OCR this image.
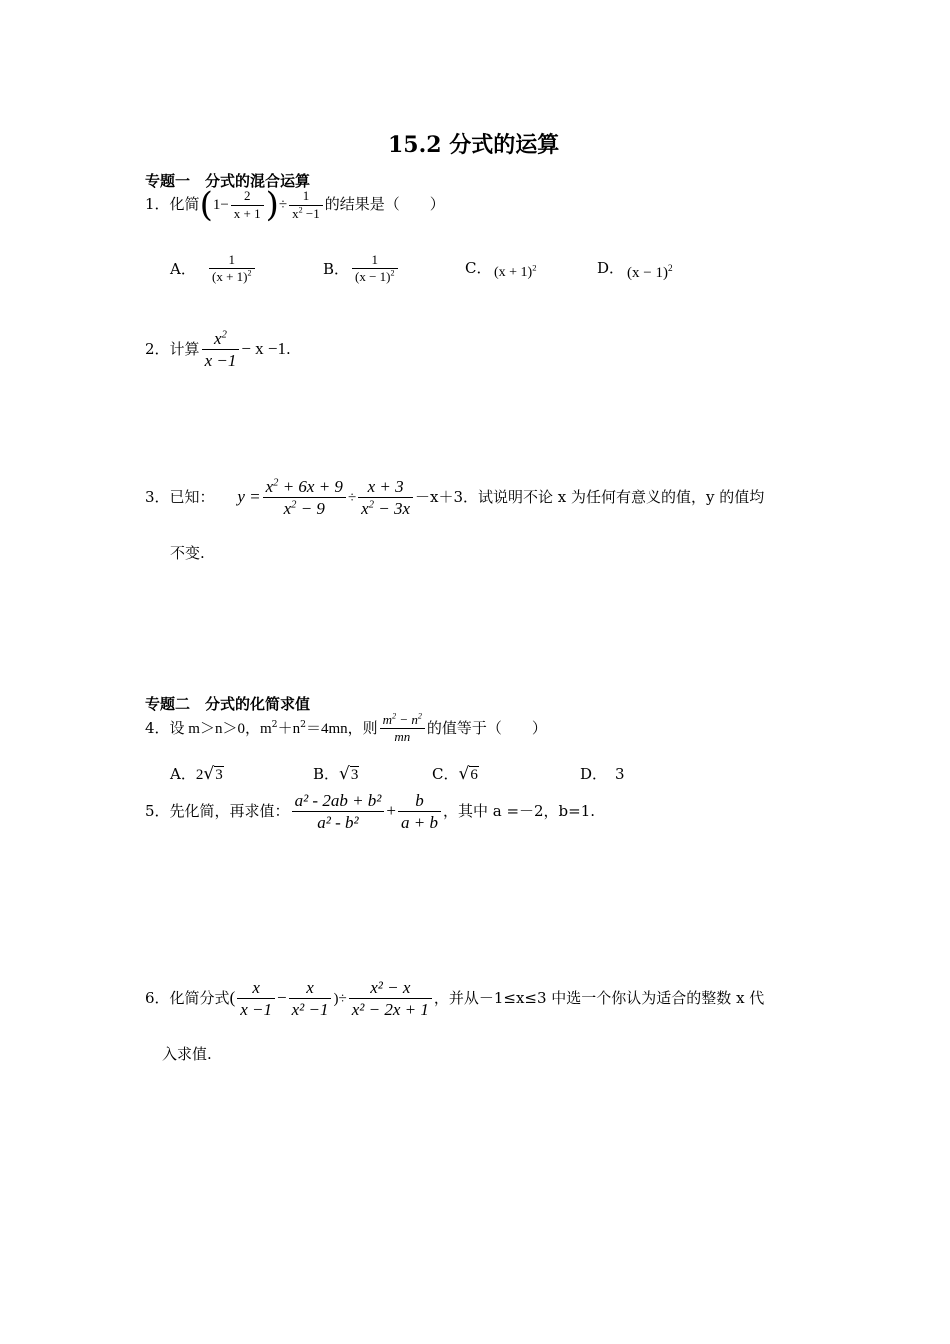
15.2 分式的运算
专题一　分式的混合运算
1．化简($1- \frac{2}{x + 1}$ )÷ $\frac{1}{x^2 -1}$ 的结果是（　　）
A． $\frac{1}{(x + 1)^2}$	B． $\frac{1}{(x - 1)^2}$	C． $(x + 1)^2$	D． $(x - 1)^2$
2．计算 $\frac{x^2}{x -1} - x -1$.
3．已知： $y = \frac{x^2 + 6x + 9}{x^2 - 9} \div \frac{x + 3}{x^2 - 3x} -x+3$．试说明不论 x 为任何有意义的值，y 的值均
不变.
专题二　分式的化简求值
4．设 m＞n＞0，$m^2+n^2=4mn$，则 $\frac{m^2 - n^2}{mn}$ 的值等于（　　）
A．2√3	B．√3	C．√6	D． 3
5．先化简，再求值： $\frac{\text{a² - 2ab + b²}}{\text{a² - b²}} + \frac{b}{a + b}$ ，其中 a =－2，b=1.
6．化简分式( $\frac{x}{x -1} - \frac{x}{\text{x² −1}}$ )÷ $\frac{\text{x² − x}}{\text{x² − 2x + 1}}$ ，并从－1≤x≤3 中选一个你认为适合的整数 x 代
入求值.
